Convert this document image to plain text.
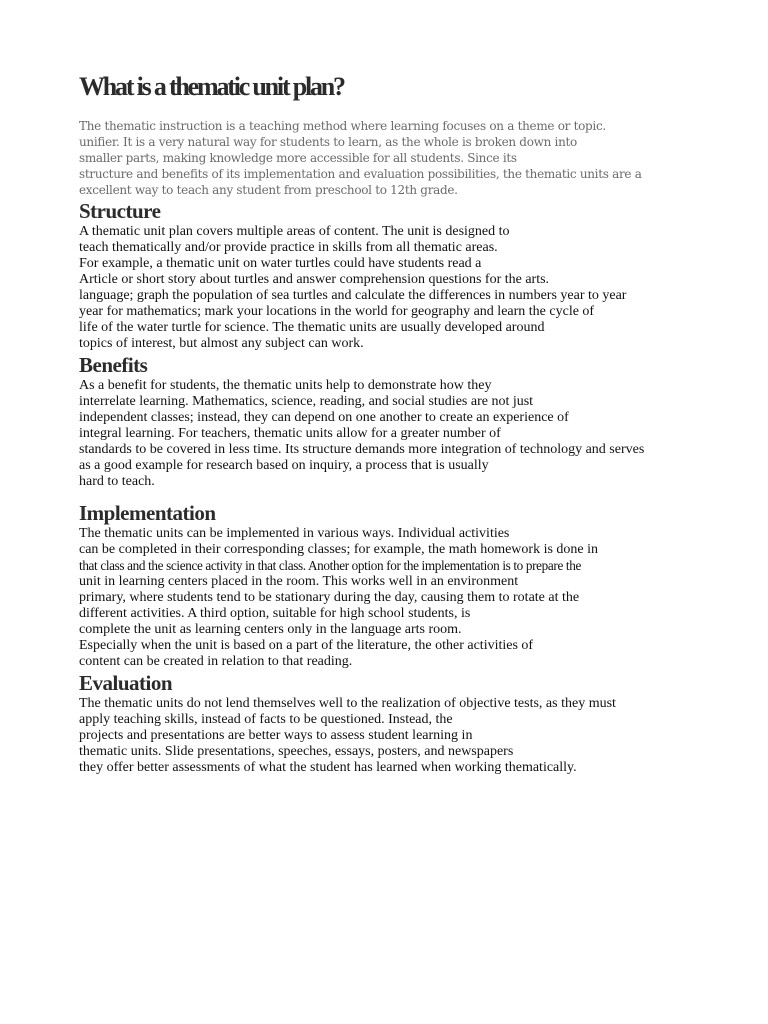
What is a thematic unit plan?
The thematic instruction is a teaching method where learning focuses on a theme or topic.
unifier. It is a very natural way for students to learn, as the whole is broken down into
smaller parts, making knowledge more accessible for all students. Since its
structure and benefits of its implementation and evaluation possibilities, the thematic units are a
excellent way to teach any student from preschool to 12th grade.
Structure
A thematic unit plan covers multiple areas of content. The unit is designed to
teach thematically and/or provide practice in skills from all thematic areas.
For example, a thematic unit on water turtles could have students read a
Article or short story about turtles and answer comprehension questions for the arts.
language; graph the population of sea turtles and calculate the differences in numbers year to year
year for mathematics; mark your locations in the world for geography and learn the cycle of
life of the water turtle for science. The thematic units are usually developed around
topics of interest, but almost any subject can work.
Benefits
As a benefit for students, the thematic units help to demonstrate how they
interrelate learning. Mathematics, science, reading, and social studies are not just
independent classes; instead, they can depend on one another to create an experience of
integral learning. For teachers, thematic units allow for a greater number of
standards to be covered in less time. Its structure demands more integration of technology and serves
as a good example for research based on inquiry, a process that is usually
hard to teach.
Implementation
The thematic units can be implemented in various ways. Individual activities
can be completed in their corresponding classes; for example, the math homework is done in
that class and the science activity in that class. Another option for the implementation is to prepare the
unit in learning centers placed in the room. This works well in an environment
primary, where students tend to be stationary during the day, causing them to rotate at the
different activities. A third option, suitable for high school students, is
complete the unit as learning centers only in the language arts room.
Especially when the unit is based on a part of the literature, the other activities of
content can be created in relation to that reading.
Evaluation
The thematic units do not lend themselves well to the realization of objective tests, as they must
apply teaching skills, instead of facts to be questioned. Instead, the
projects and presentations are better ways to assess student learning in
thematic units. Slide presentations, speeches, essays, posters, and newspapers
they offer better assessments of what the student has learned when working thematically.
